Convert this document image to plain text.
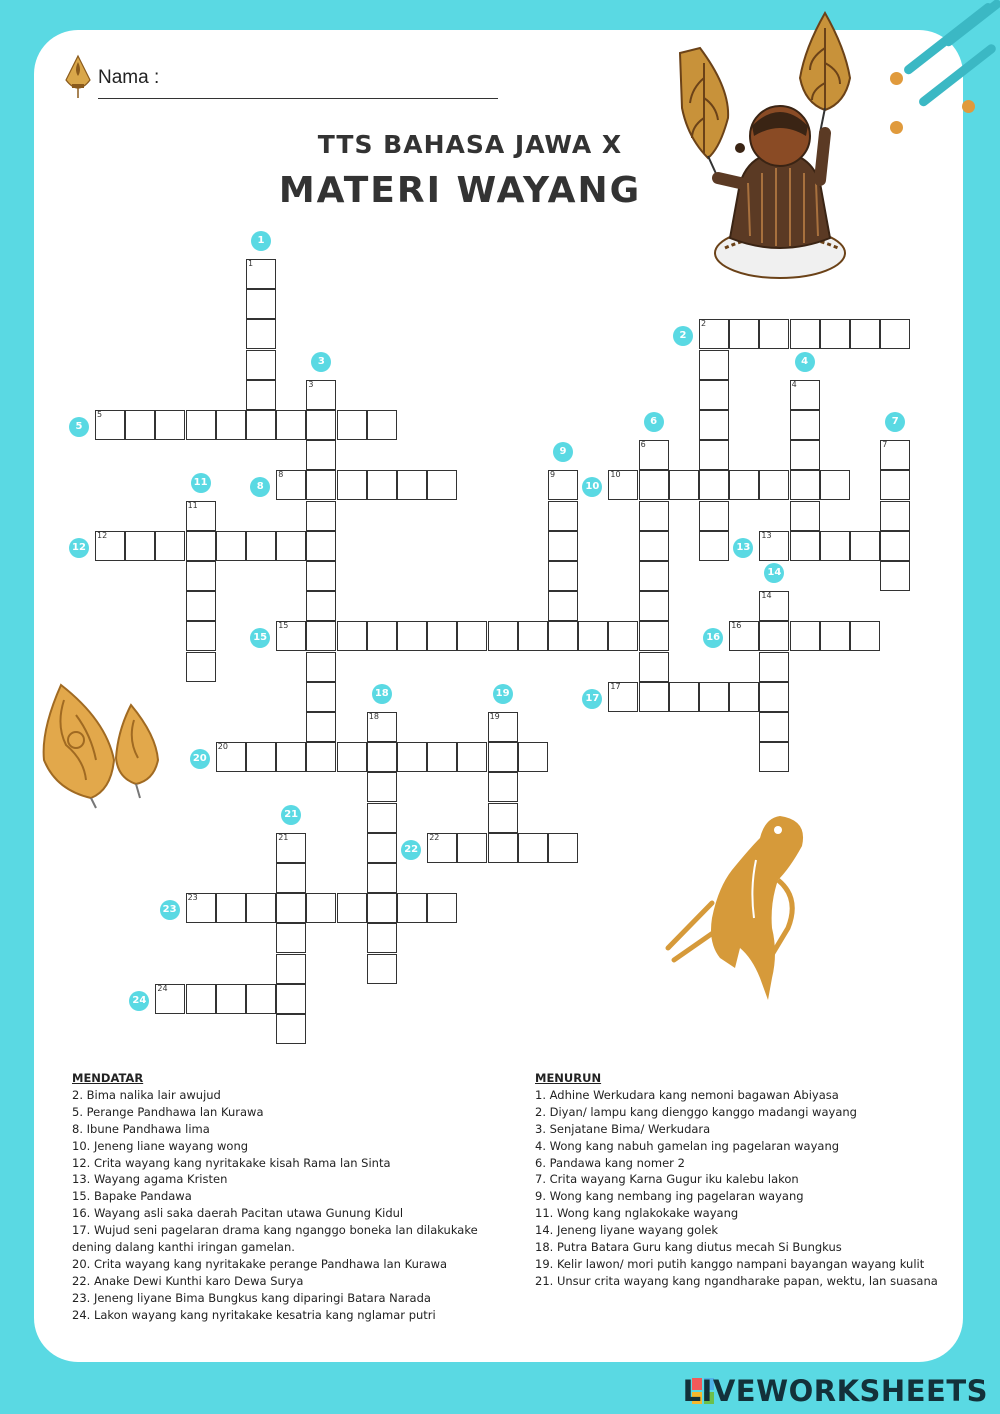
Nama :
TTS BAHASA JAWA X
MATERI WAYANG
1
2
3	4
5
6	7
8	9	10
11
12	13
14
15	16
17
18	19
20
21	22
23
24
1
2
3	4
5	6	7
8
9
10
11
12	13
14
15	16
17
18	19
20
21
22
23
24
MENDATAR
2. Bima nalika lair awujud
5. Perange Pandhawa lan Kurawa
8. Ibune Pandhawa lima
10. Jeneng liane wayang wong
12. Crita wayang kang nyritakake kisah Rama lan Sinta
13. Wayang agama Kristen
15. Bapake Pandawa
16. Wayang asli saka daerah Pacitan utawa Gunung Kidul
17. Wujud seni pagelaran drama kang nganggo boneka lan dilakukake dening dalang kanthi iringan gamelan.
20. Crita wayang kang nyritakake perange Pandhawa lan Kurawa
22. Anake Dewi Kunthi karo Dewa Surya
23. Jeneng liyane Bima Bungkus kang diparingi Batara Narada
24. Lakon wayang kang nyritakake kesatria kang nglamar putri
MENURUN
1. Adhine Werkudara kang nemoni bagawan Abiyasa
2. Diyan/ lampu kang dienggo kanggo madangi wayang
3. Senjatane Bima/ Werkudara
4. Wong kang nabuh gamelan ing pagelaran wayang
6. Pandawa kang nomer 2
7. Crita wayang Karna Gugur iku kalebu lakon
9. Wong kang nembang ing pagelaran wayang
11. Wong kang nglakokake wayang
14. Jeneng liyane wayang golek
18. Putra Batara Guru kang diutus mecah Si Bungkus
19. Kelir lawon/ mori putih kanggo nampani bayangan wayang kulit
21. Unsur crita wayang kang ngandharake papan, wektu, lan suasana
LIVEWORKSHEETS
